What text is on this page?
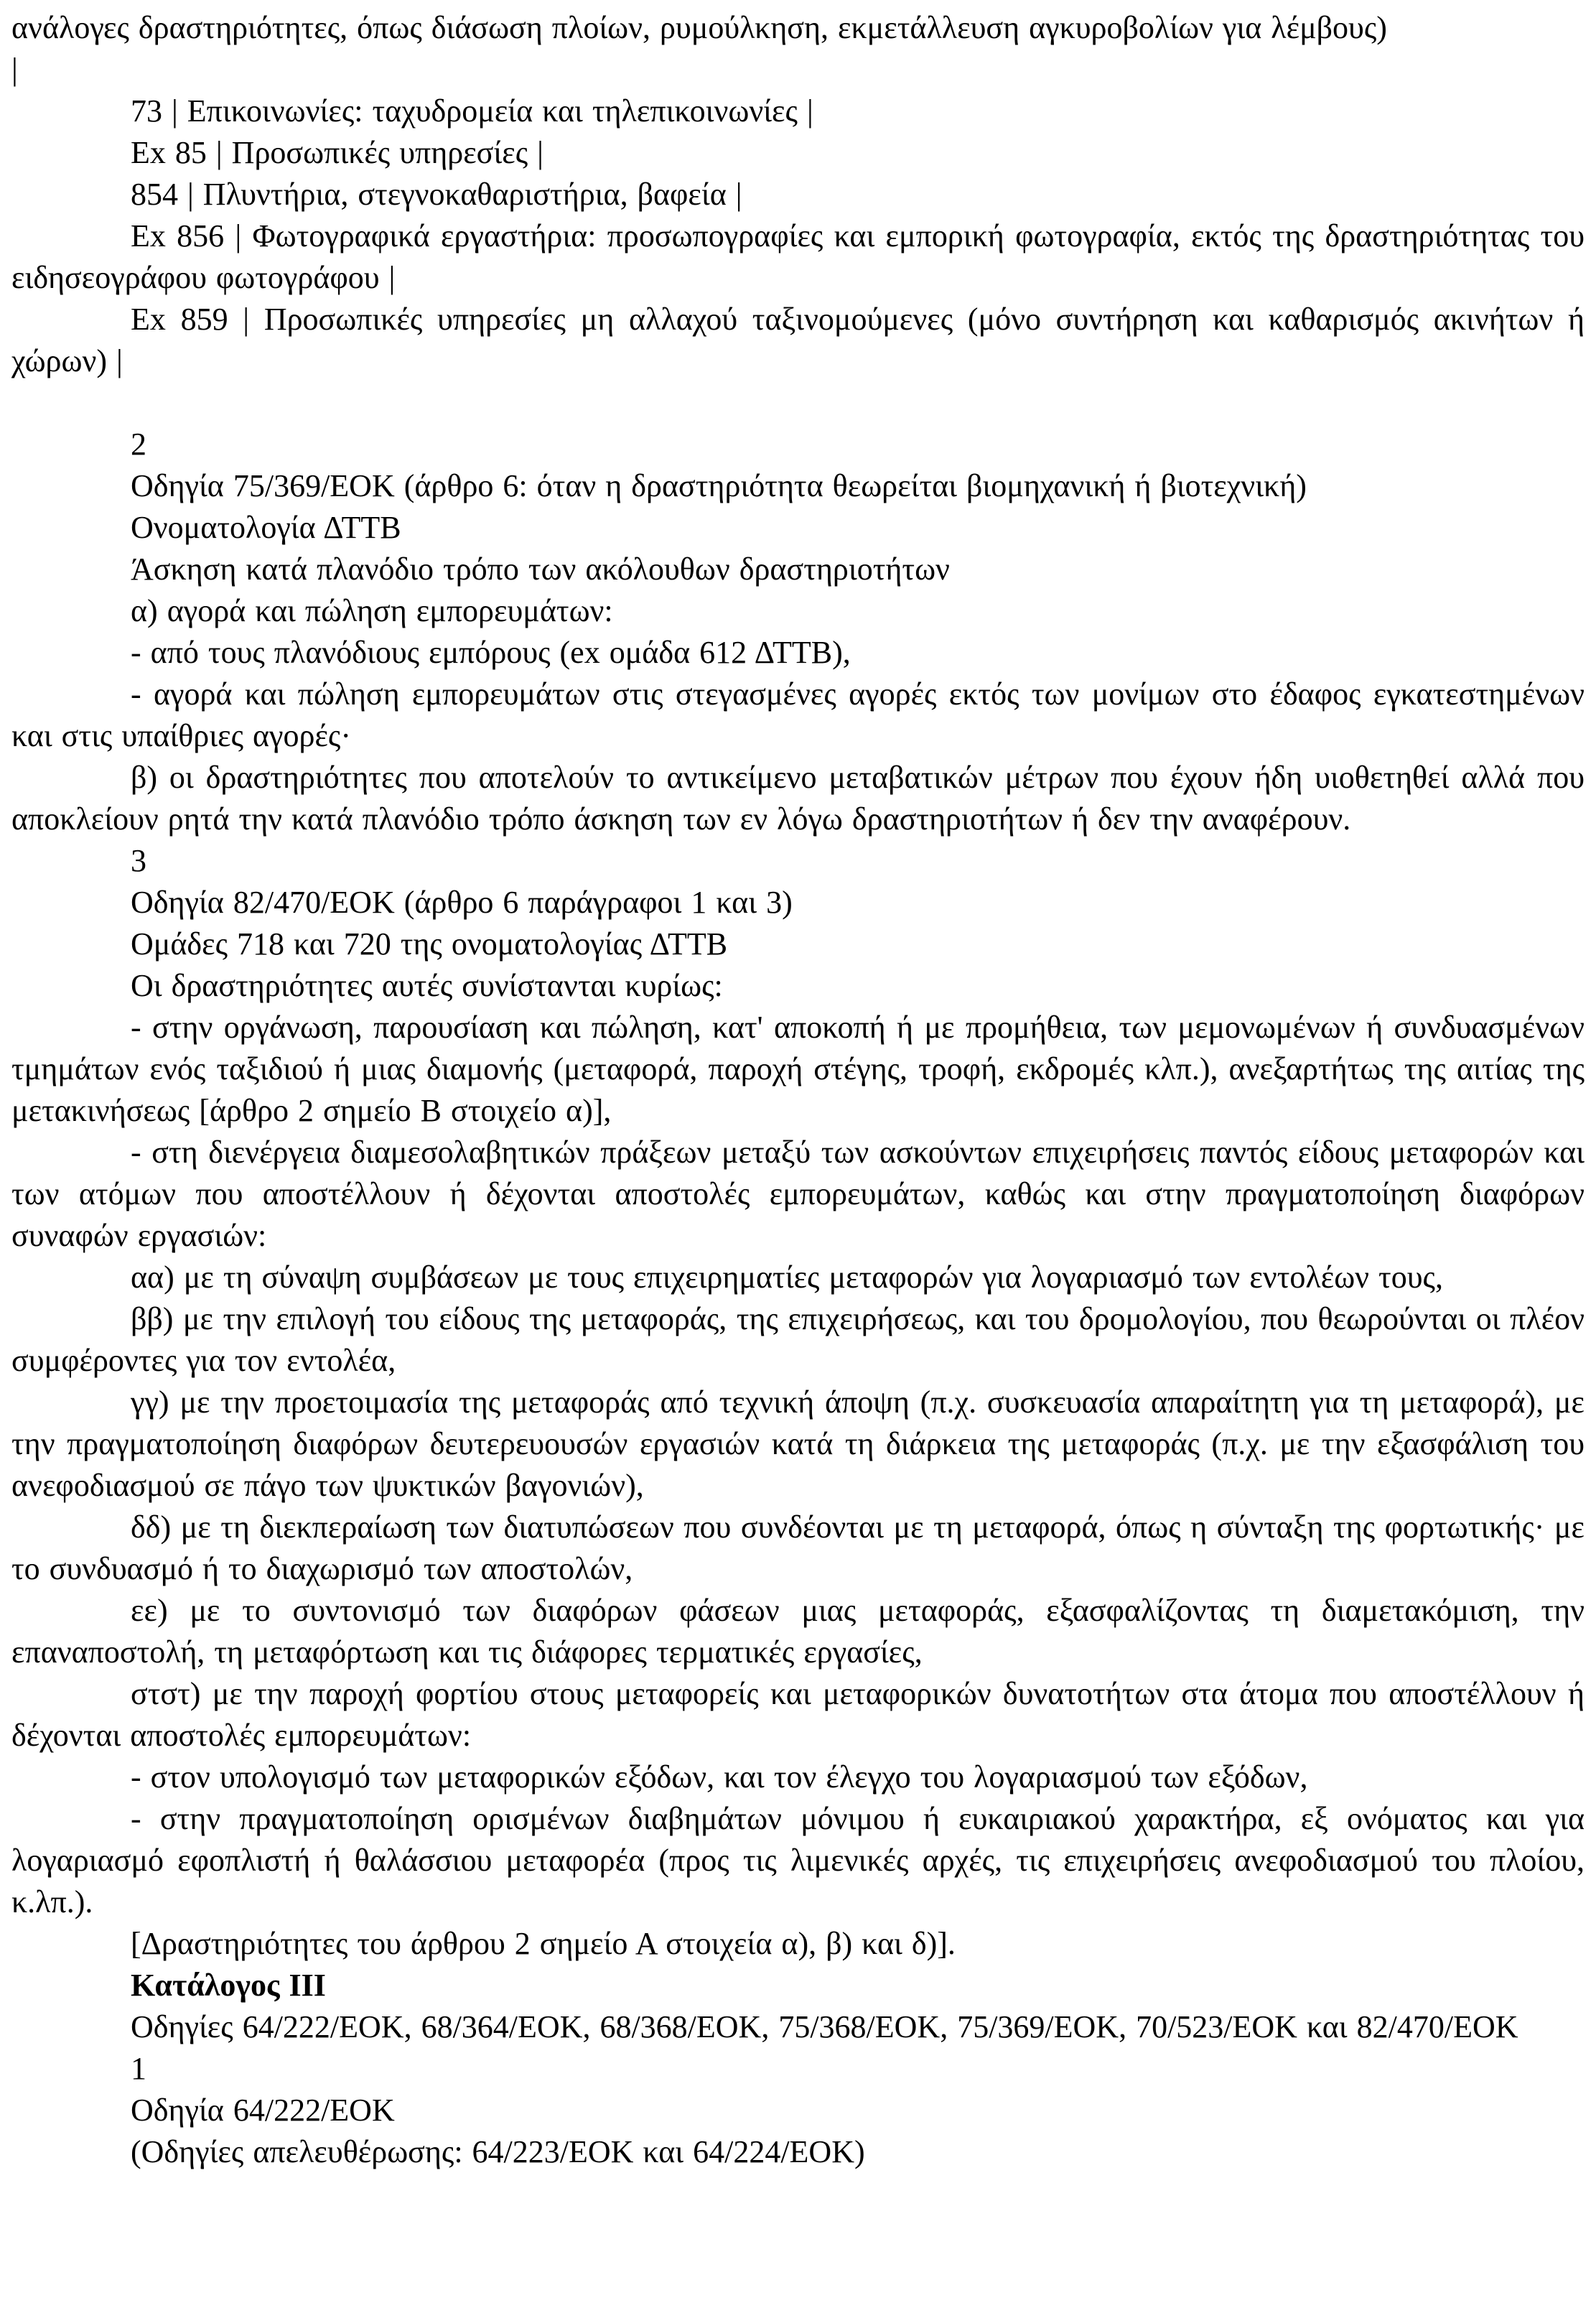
ανάλογες δραστηριότητες, όπως διάσωση πλοίων, ρυμούλκηση, εκμετάλλευση αγκυροβολίων για λέμβους)

|

73 | Επικοινωνίες: ταχυδρομεία και τηλεπικοινωνίες |

Ex 85 | Προσωπικές υπηρεσίες |

854 | Πλυντήρια, στεγνοκαθαριστήρια, βαφεία |

Ex 856 | Φωτογραφικά εργαστήρια: προσωπογραφίες και εμπορική φωτογραφία, εκτός της δραστηριότητας του ειδησεογράφου φωτογράφου |

Ex 859 | Προσωπικές υπηρεσίες μη αλλαχού ταξινομούμενες (μόνο συντήρηση και καθαρισμός ακινήτων ή χώρων) |

2

Οδηγία 75/369/ΕΟΚ (άρθρο 6: όταν η δραστηριότητα θεωρείται βιομηχανική ή βιοτεχνική)

Ονοματολογία ΔΤΤΒ

Άσκηση κατά πλανόδιο τρόπο των ακόλουθων δραστηριοτήτων

α) αγορά και πώληση εμπορευμάτων:

- από τους πλανόδιους εμπόρους (ex ομάδα 612 ΔΤΤΒ),

- αγορά και πώληση εμπορευμάτων στις στεγασμένες αγορές εκτός των μονίμων στο έδαφος εγκατεστημένων και στις υπαίθριες αγορές·

β) οι δραστηριότητες που αποτελούν το αντικείμενο μεταβατικών μέτρων που έχουν ήδη υιοθετηθεί αλλά που αποκλείουν ρητά την κατά πλανόδιο τρόπο άσκηση των εν λόγω δραστηριοτήτων ή δεν την αναφέρουν.

3

Οδηγία 82/470/ΕΟΚ (άρθρο 6 παράγραφοι 1 και 3)

Ομάδες 718 και 720 της ονοματολογίας ΔΤΤΒ

Οι δραστηριότητες αυτές συνίστανται κυρίως:

- στην οργάνωση, παρουσίαση και πώληση, κατ' αποκοπή ή με προμήθεια, των μεμονωμένων ή συνδυασμένων τμημάτων ενός ταξιδιού ή μιας διαμονής (μεταφορά, παροχή στέγης, τροφή, εκδρομές κλπ.), ανεξαρτήτως της αιτίας της μετακινήσεως [άρθρο 2 σημείο Β στοιχείο α)],

- στη διενέργεια διαμεσολαβητικών πράξεων μεταξύ των ασκούντων επιχειρήσεις παντός είδους μεταφορών και των ατόμων που αποστέλλουν ή δέχονται αποστολές εμπορευμάτων, καθώς και στην πραγματοποίηση διαφόρων συναφών εργασιών:

αα) με τη σύναψη συμβάσεων με τους επιχειρηματίες μεταφορών για λογαριασμό των εντολέων τους,

ββ) με την επιλογή του είδους της μεταφοράς, της επιχειρήσεως, και του δρομολογίου, που θεωρούνται οι πλέον συμφέροντες για τον εντολέα,

γγ) με την προετοιμασία της μεταφοράς από τεχνική άποψη (π.χ. συσκευασία απαραίτητη για τη μεταφορά), με την πραγματοποίηση διαφόρων δευτερευουσών εργασιών κατά τη διάρκεια της μεταφοράς (π.χ. με την εξασφάλιση του ανεφοδιασμού σε πάγο των ψυκτικών βαγονιών),

δδ) με τη διεκπεραίωση των διατυπώσεων που συνδέονται με τη μεταφορά, όπως η σύνταξη της φορτωτικής· με το συνδυασμό ή το διαχωρισμό των αποστολών,

εε) με το συντονισμό των διαφόρων φάσεων μιας μεταφοράς, εξασφαλίζοντας τη διαμετακόμιση, την επαναποστολή, τη μεταφόρτωση και τις διάφορες τερματικές εργασίες,

στστ) με την παροχή φορτίου στους μεταφορείς και μεταφορικών δυνατοτήτων στα άτομα που αποστέλλουν ή δέχονται αποστολές εμπορευμάτων:

- στον υπολογισμό των μεταφορικών εξόδων, και τον έλεγχο του λογαριασμού των εξόδων,

- στην πραγματοποίηση ορισμένων διαβημάτων μόνιμου ή ευκαιριακού χαρακτήρα, εξ ονόματος και για λογαριασμό εφοπλιστή ή θαλάσσιου μεταφορέα (προς τις λιμενικές αρχές, τις επιχειρήσεις ανεφοδιασμού του πλοίου, κ.λπ.).

[Δραστηριότητες του άρθρου 2 σημείο Α στοιχεία α), β) και δ)].

Κατάλογος III

Οδηγίες 64/222/ΕΟΚ, 68/364/ΕΟΚ, 68/368/ΕΟΚ, 75/368/ΕΟΚ, 75/369/ΕΟΚ, 70/523/ΕΟΚ και 82/470/ΕΟΚ

1

Οδηγία 64/222/ΕΟΚ

(Οδηγίες απελευθέρωσης: 64/223/ΕΟΚ και 64/224/ΕΟΚ)
